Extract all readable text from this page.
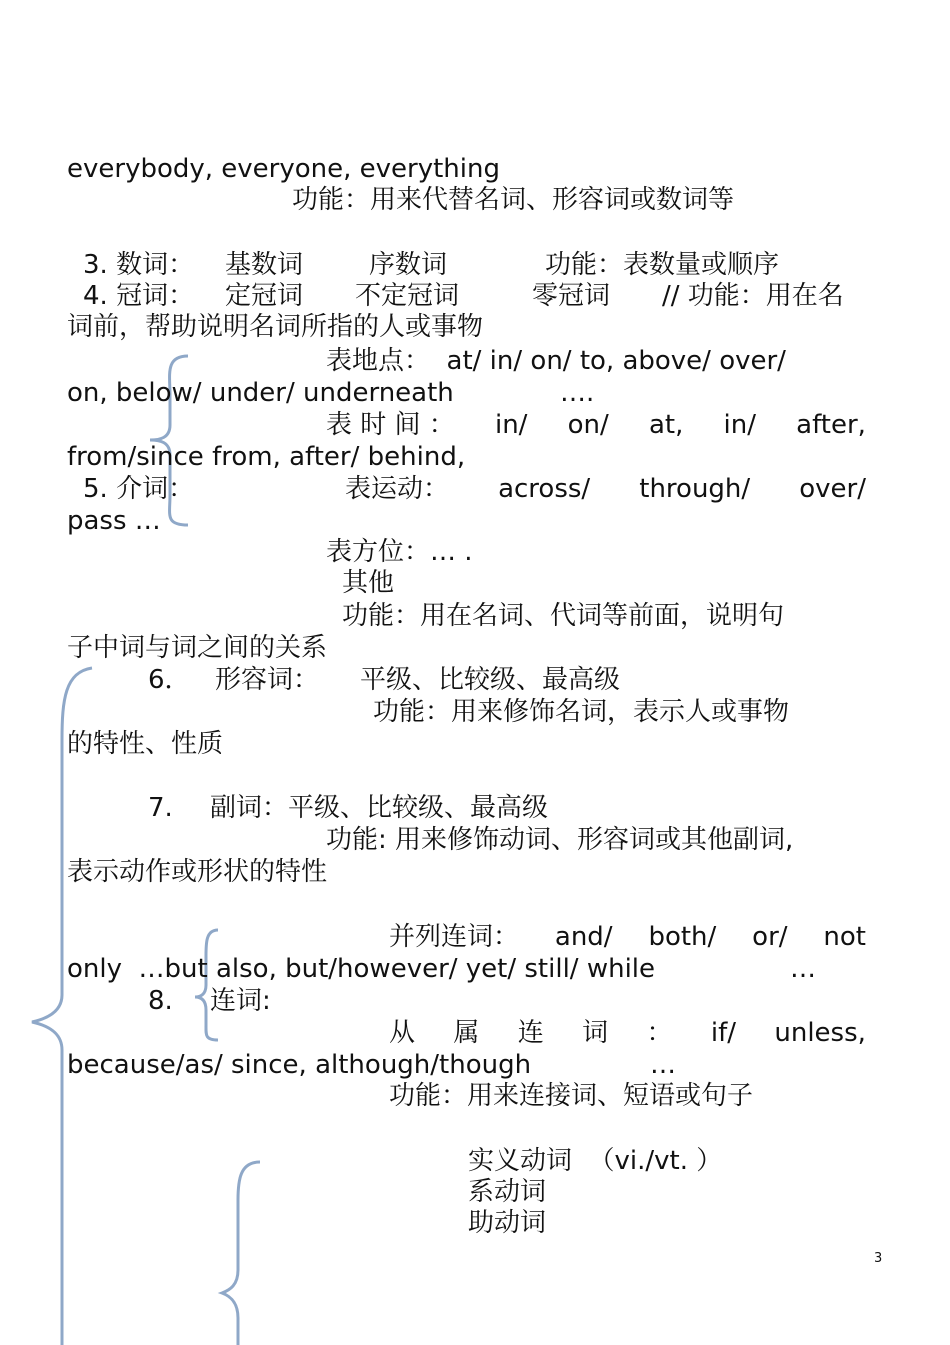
everybody, everyone, everything
功能：用来代替名词、形容词或数词等
3. 数词： 基数词	序数词	功能：表数量或顺序
4. 冠词： 定冠词 不定冠词	零冠词 // 功能：用在名
词前，帮助说明名词所指的人或事物
表地点：  at/ in/ on/ to, above/ over/
on, below/ under/ underneath	….
表 时 间 ： in/ on/ at, in/ after,
from/since from, after/ behind,
5. 介词：	表运动： across/ through/ over/
pass …
表方位：… .
其他
功能：用在名词、代词等前面，说明句
子中词与词之间的关系
6． 形容词： 平级、比较级、最高级
功能：用来修饰名词，表示人或事物
的特性、性质
7. 副词：平级、比较级、最高级
功能: 用来修饰动词、形容词或其他副词,
表示动作或形状的特性
并列连词： and/ both/ or/ not
only  …but also, but/however/ yet/ still/ while	…
8. 连词:
从 属 连 词 ： if/ unless,
because/as/ since, although/though	…
功能：用来连接词、短语或句子
实义动词  （vi./vt. ）
系动词
助动词
3
